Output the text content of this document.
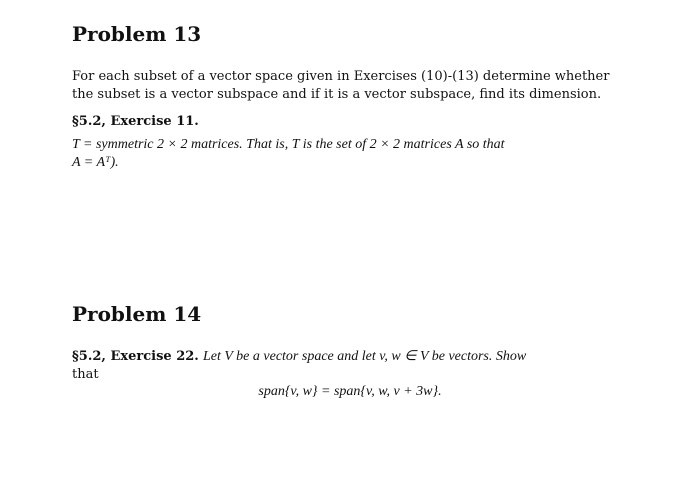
Problem 13

For each subset of a vector space given in Exercises (10)-(13) determine whether
the subset is a vector subspace and if it is a vector subspace, find its dimension.

§5.2, Exercise 11.

T = symmetric 2 × 2 matrices. That is, T is the set of 2 × 2 matrices A so that
A = Aᵀ).

Problem 14

§5.2, Exercise 22. Let V be a vector space and let v, w ∈ V be vectors. Show
that

span{v, w} = span{v, w, v + 3w}.
